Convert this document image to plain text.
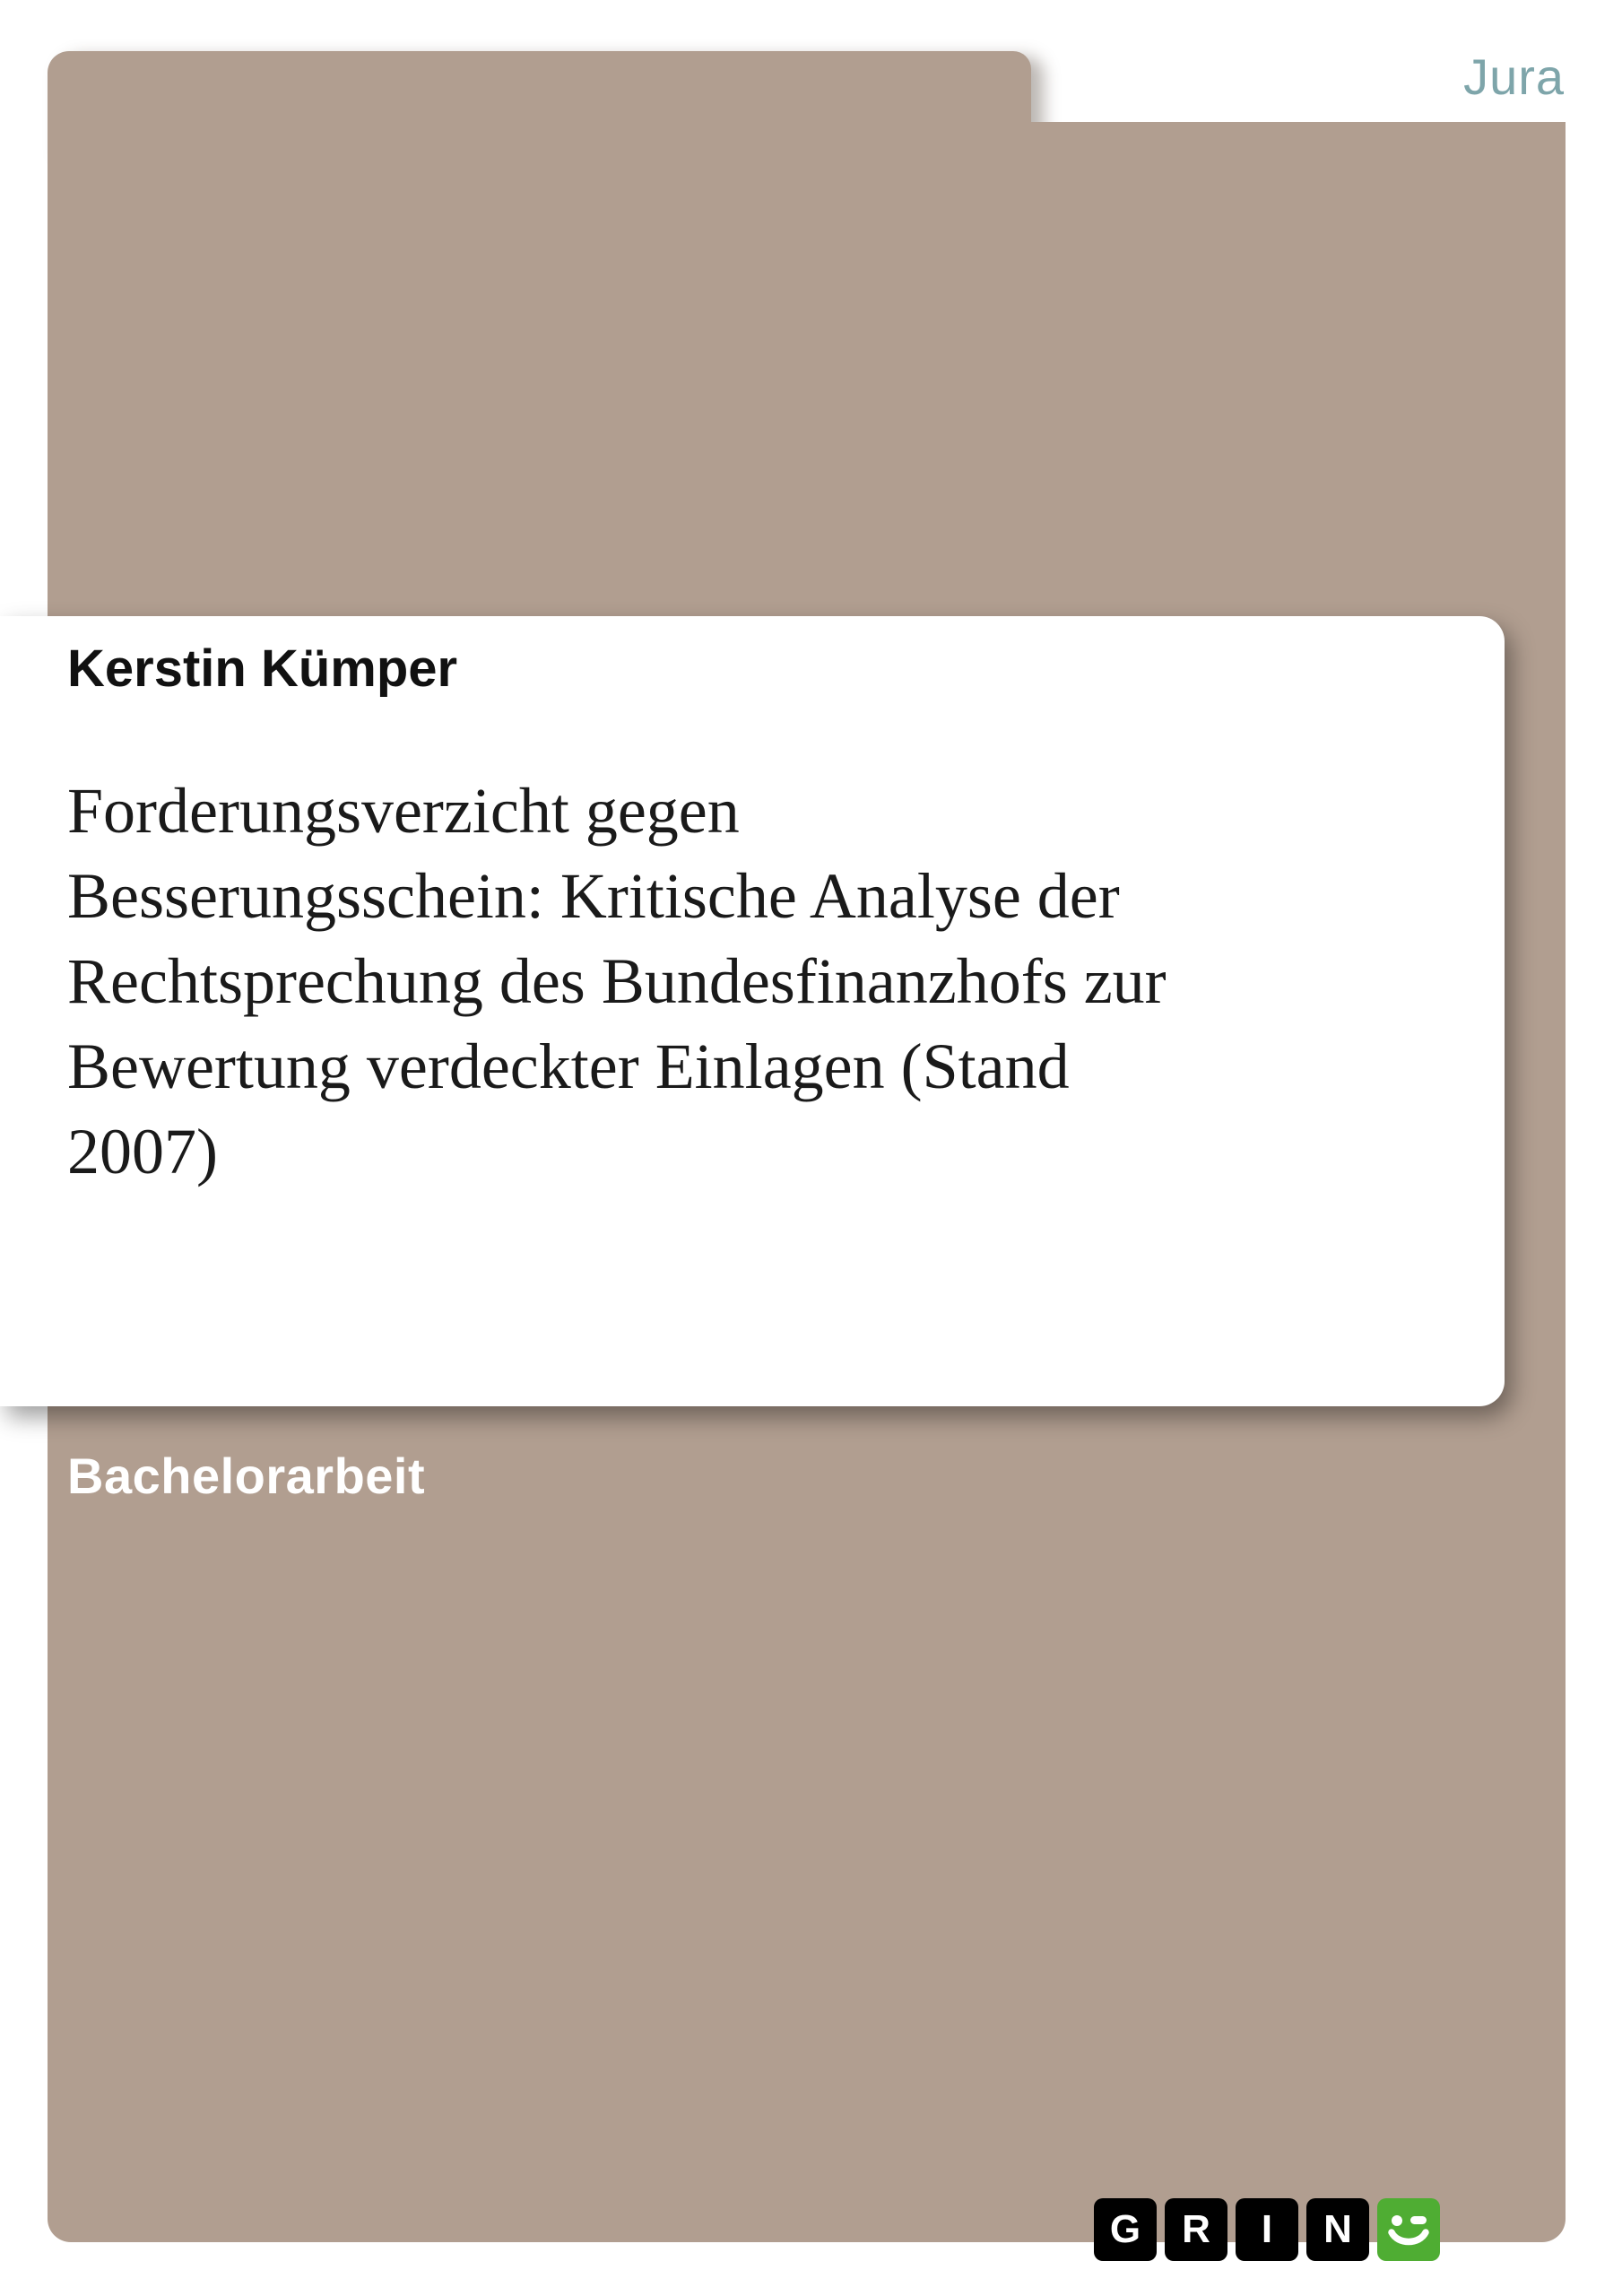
Jura
Kerstin Kümper
Forderungsverzicht gegen
Besserungsschein: Kritische Analyse der
Rechtsprechung des Bundesfinanzhofs zur
Bewertung verdeckter Einlagen (Stand
2007)
Bachelorarbeit
G	R	I	N
